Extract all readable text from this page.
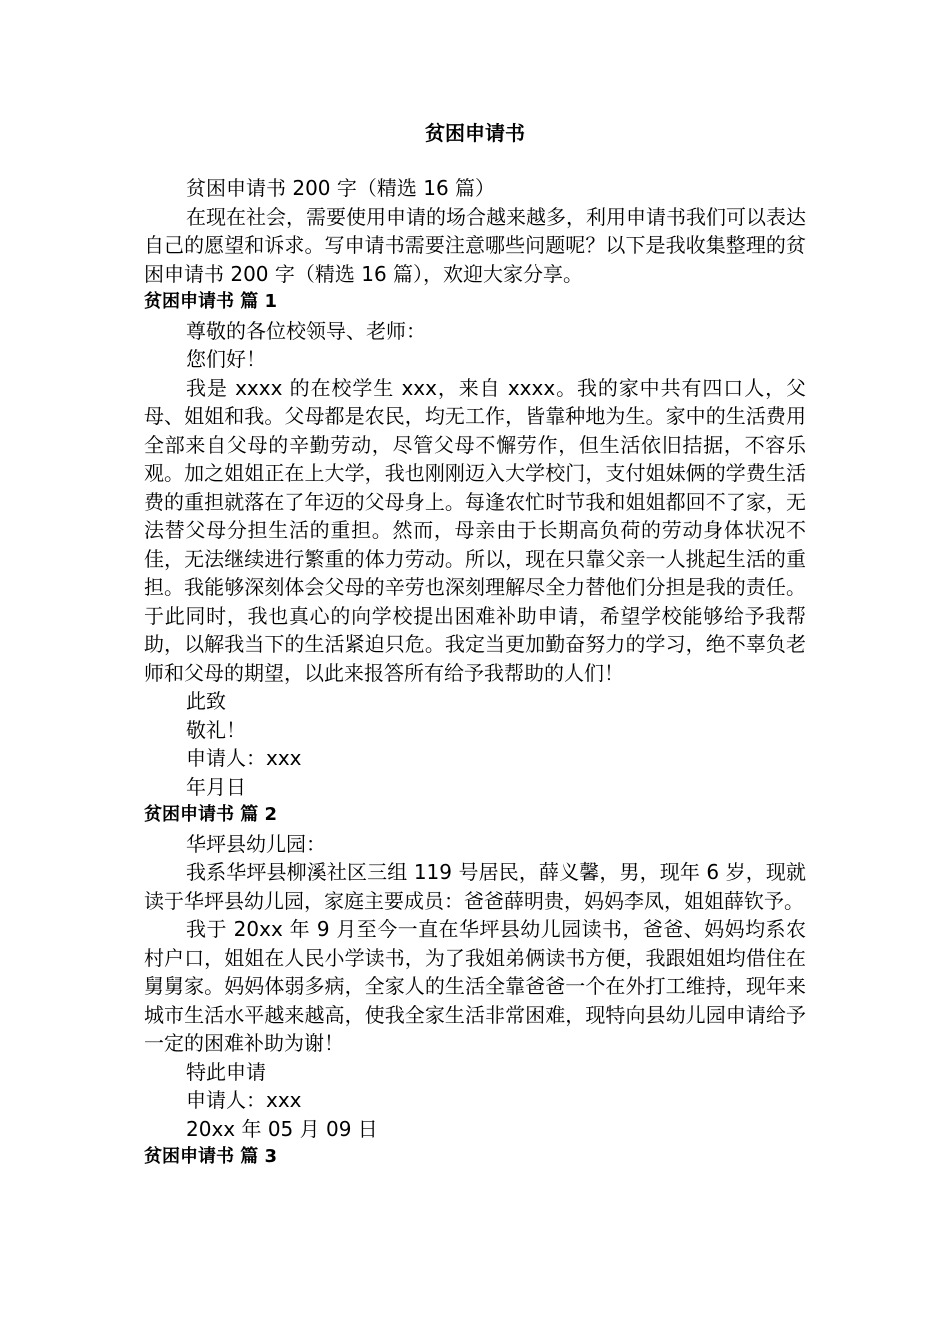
贫困申请书

贫困申请书 200 字（精选 16 篇）

在现在社会，需要使用申请的场合越来越多，利用申请书我们可以表达自己的愿望和诉求。写申请书需要注意哪些问题呢？以下是我收集整理的贫困申请书 200 字（精选 16 篇），欢迎大家分享。

贫困申请书 篇 1

尊敬的各位校领导、老师：

您们好！

我是 xxxx 的在校学生 xxx，来自 xxxx。我的家中共有四口人，父母、姐姐和我。父母都是农民，均无工作，皆靠种地为生。家中的生活费用全部来自父母的辛勤劳动，尽管父母不懈劳作，但生活依旧拮据，不容乐观。加之姐姐正在上大学，我也刚刚迈入大学校门，支付姐妹俩的学费生活费的重担就落在了年迈的父母身上。每逢农忙时节我和姐姐都回不了家，无法替父母分担生活的重担。然而，母亲由于长期高负荷的劳动身体状况不佳，无法继续进行繁重的体力劳动。所以，现在只靠父亲一人挑起生活的重担。我能够深刻体会父母的辛劳也深刻理解尽全力替他们分担是我的责任。于此同时，我也真心的向学校提出困难补助申请，希望学校能够给予我帮助，以解我当下的生活紧迫只危。我定当更加勤奋努力的学习，绝不辜负老师和父母的期望，以此来报答所有给予我帮助的人们！

此致

敬礼！

申请人：xxx

年月日

贫困申请书 篇 2

华坪县幼儿园：

我系华坪县柳溪社区三组 119 号居民，薛义馨，男，现年 6 岁，现就读于华坪县幼儿园，家庭主要成员：爸爸薛明贵，妈妈李凤，姐姐薛钦予。

我于 20xx 年 9 月至今一直在华坪县幼儿园读书，爸爸、妈妈均系农村户口，姐姐在人民小学读书，为了我姐弟俩读书方便，我跟姐姐均借住在舅舅家。妈妈体弱多病，全家人的生活全靠爸爸一个在外打工维持，现年来城市生活水平越来越高，使我全家生活非常困难，现特向县幼儿园申请给予一定的困难补助为谢！

特此申请

申请人：xxx

20xx 年 05 月 09 日

贫困申请书 篇 3
